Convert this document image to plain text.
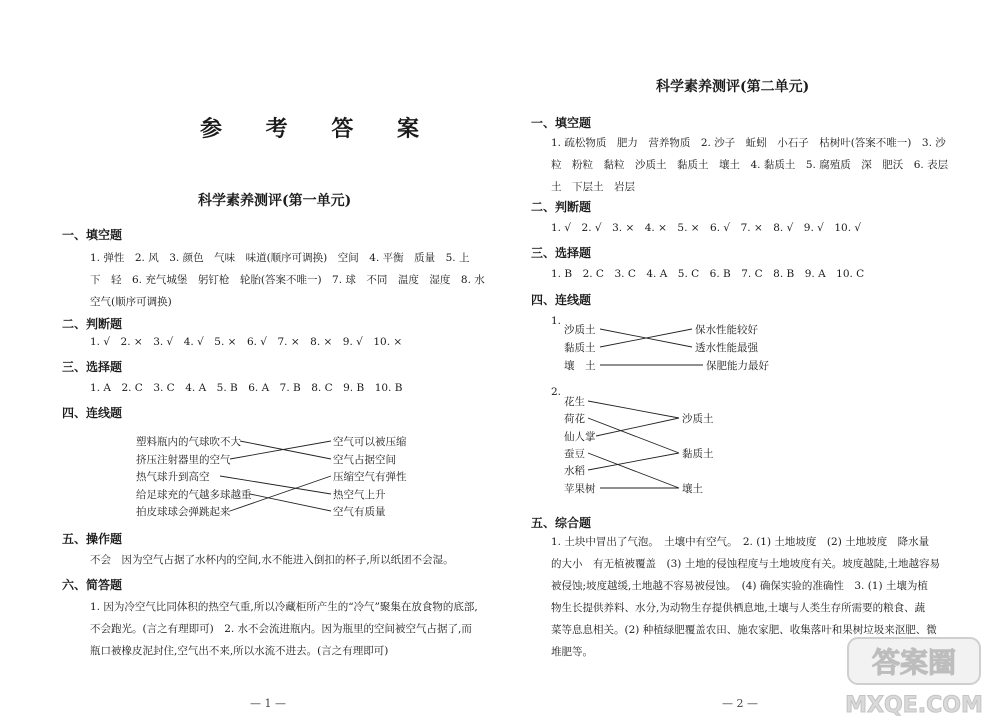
参 考 答 案
科学素养测评(第一单元)
一、填空题
1. 弹性　2. 风　3. 颜色　气味　味道(顺序可调换)　空间　4. 平衡　质量　5. 上
下　轻　6. 充气城堡　躬钉枪　轮胎(答案不唯一)　7. 球　不同　温度　湿度　8. 水
空气(顺序可调换)
二、判断题
1. √　2. ×　3. √　4. √　5. ×　6. √　7. ×　8. ×　9. √　10. ×
三、选择题
1. A　2. C　3. C　4. A　5. B　6. A　7. B　8. C　9. B　10. B
四、连线题
塑料瓶内的气球吹不大
挤压注射器里的空气
热气球升到高空
给足球充的气越多球越重
拍皮球球会弹跳起来
空气可以被压缩
空气占据空间
压缩空气有弹性
热空气上升
空气有质量
五、操作题
不会　因为空气占据了水杯内的空间,水不能进入倒扣的杯子,所以纸团不会湿。
六、简答题
1. 因为冷空气比同体积的热空气重,所以冷藏柜所产生的“冷气”聚集在放食物的底部,
不会跑光。(言之有理即可)　2. 水不会流进瓶内。因为瓶里的空间被空气占据了,而
瓶口被橡皮泥封住,空气出不来,所以水流不进去。(言之有理即可)
— 1 —
科学素养测评(第二单元)
一、填空题
1. 疏松物质　肥力　营养物质　2. 沙子　蚯蚓　小石子　枯树叶(答案不唯一)　3. 沙
粒　粉粒　黏粒　沙质土　黏质土　壤土　4. 黏质土　5. 腐殖质　深　肥沃　6. 表层
土　下层土　岩层
二、判断题
1. √　2. √　3. ×　4. ×　5. ×　6. √　7. ×　8. √　9. √　10. √
三、选择题
1. B　2. C　3. C　4. A　5. C　6. B　7. C　8. B　9. A　10. C
四、连线题
1.
沙质土
黏质土
壤　土
保水性能较好
透水性能最强
保肥能力最好
2.
花生
荷花
仙人掌
蚕豆
水稻
苹果树
沙质土
黏质土
壤土
五、综合题
1. 土块中冒出了气泡。　土壤中有空气。　2. (1) 土地坡度　(2) 土地坡度　降水量
的大小　有无植被覆盖　(3) 土地的侵蚀程度与土地坡度有关。坡度越陡,土地越容易
被侵蚀;坡度越缓,土地越不容易被侵蚀。　(4) 确保实验的准确性　3. (1) 土壤为植
物生长提供养料、水分,为动物生存提供栖息地,土壤与人类生存所需要的粮食、蔬
菜等息息相关。(2) 种植绿肥覆盖农田、施农家肥、收集落叶和果树垃圾来沤肥、微
堆肥等。
— 2 —
答案圈
MXQE.COM
